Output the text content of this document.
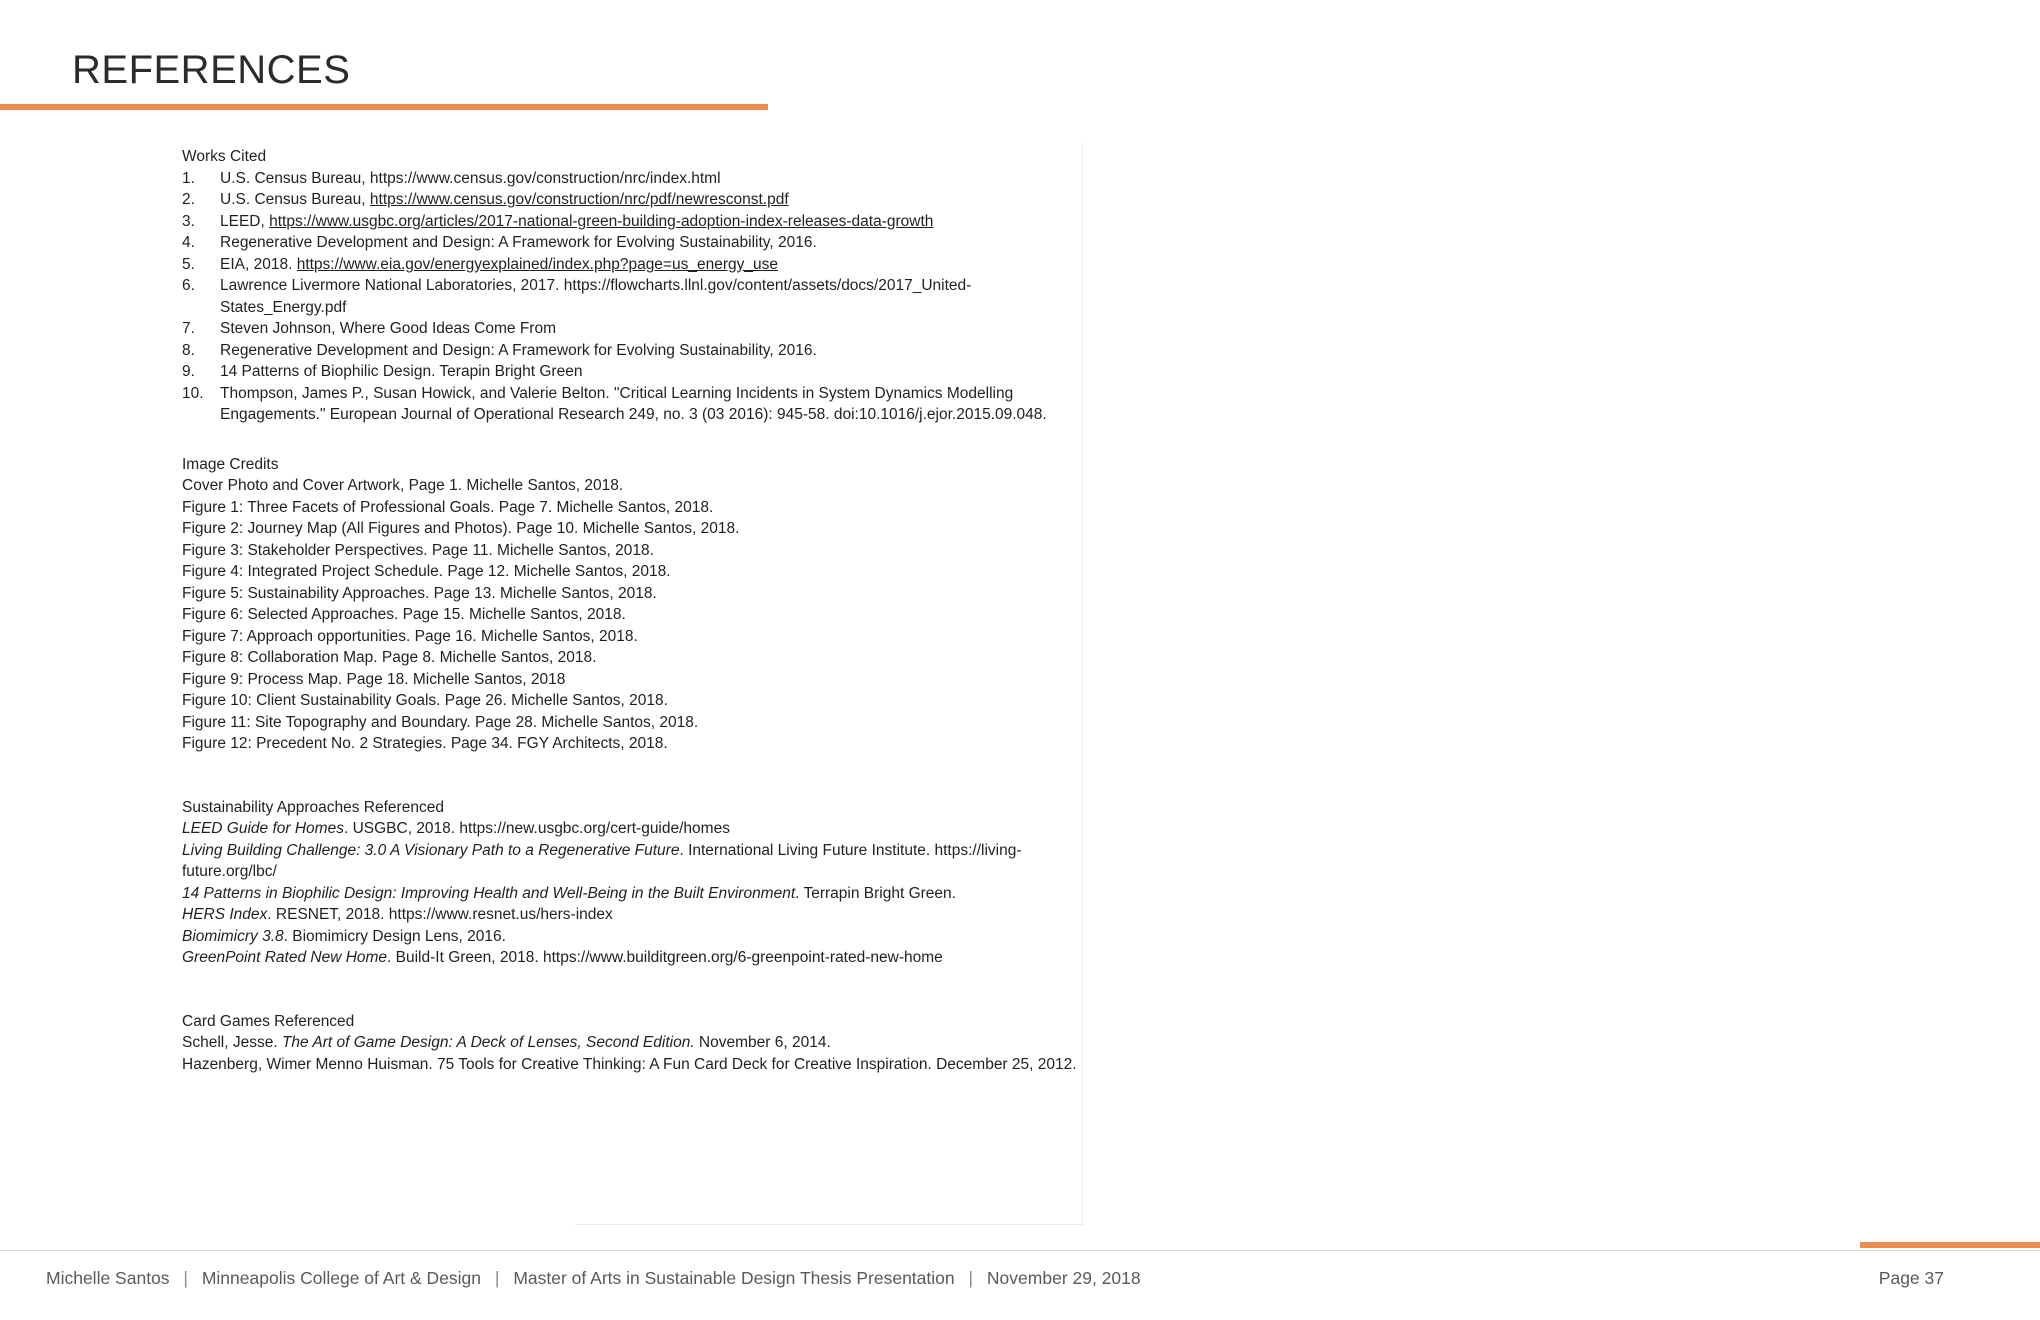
REFERENCES
Works Cited
1.	U.S. Census Bureau, https://www.census.gov/construction/nrc/index.html
2.	U.S. Census Bureau, https://www.census.gov/construction/nrc/pdf/newresconst.pdf
3.	LEED, https://www.usgbc.org/articles/2017-national-green-building-adoption-index-releases-data-growth
4.	Regenerative Development and Design: A Framework for Evolving Sustainability, 2016.
5.	EIA, 2018. https://www.eia.gov/energyexplained/index.php?page=us_energy_use
6.	Lawrence Livermore National Laboratories, 2017. https://flowcharts.llnl.gov/content/assets/docs/2017_United-States_Energy.pdf
7.	Steven Johnson, Where Good Ideas Come From
8.	Regenerative Development and Design: A Framework for Evolving Sustainability, 2016.
9.	14 Patterns of Biophilic Design. Terapin Bright Green
10.	Thompson, James P., Susan Howick, and Valerie Belton. "Critical Learning Incidents in System Dynamics Modelling Engagements." European Journal of Operational Research 249, no. 3 (03 2016): 945-58. doi:10.1016/j.ejor.2015.09.048.
Image Credits

Cover Photo and Cover Artwork, Page 1. Michelle Santos, 2018.

Figure 1: Three Facets of Professional Goals. Page 7. Michelle Santos, 2018.

Figure 2: Journey Map (All Figures and Photos). Page 10. Michelle Santos, 2018.

Figure 3: Stakeholder Perspectives. Page 11. Michelle Santos, 2018.

Figure 4: Integrated Project Schedule. Page 12. Michelle Santos, 2018.

Figure 5: Sustainability Approaches. Page 13. Michelle Santos, 2018.

Figure 6: Selected Approaches. Page 15. Michelle Santos, 2018.

Figure 7: Approach opportunities. Page 16. Michelle Santos, 2018.

Figure 8: Collaboration Map. Page 8. Michelle Santos, 2018.

Figure 9: Process Map. Page 18. Michelle Santos, 2018

Figure 10: Client Sustainability Goals. Page 26. Michelle Santos, 2018.

Figure 11: Site Topography and Boundary. Page 28. Michelle Santos, 2018.

Figure 12: Precedent No. 2 Strategies. Page 34. FGY Architects, 2018.

Sustainability Approaches Referenced

LEED Guide for Homes. USGBC, 2018. https://new.usgbc.org/cert-guide/homes

Living Building Challenge: 3.0 A Visionary Path to a Regenerative Future. International Living Future Institute. https://living-future.org/lbc/

14 Patterns in Biophilic Design: Improving Health and Well-Being in the Built Environment. Terrapin Bright Green.

HERS Index. RESNET, 2018. https://www.resnet.us/hers-index

Biomimicry 3.8. Biomimicry Design Lens, 2016.

GreenPoint Rated New Home. Build-It Green, 2018. https://www.builditgreen.org/6-greenpoint-rated-new-home

Card Games Referenced

Schell, Jesse. The Art of Game Design: A Deck of Lenses, Second Edition. November 6, 2014.

Hazenberg, Wimer Menno Huisman. 75 Tools for Creative Thinking: A Fun Card Deck for Creative Inspiration. December 25, 2012.

Michelle Santos | Minneapolis College of Art & Design | Master of Arts in Sustainable Design Thesis Presentation | November 29, 2018	Page 37
